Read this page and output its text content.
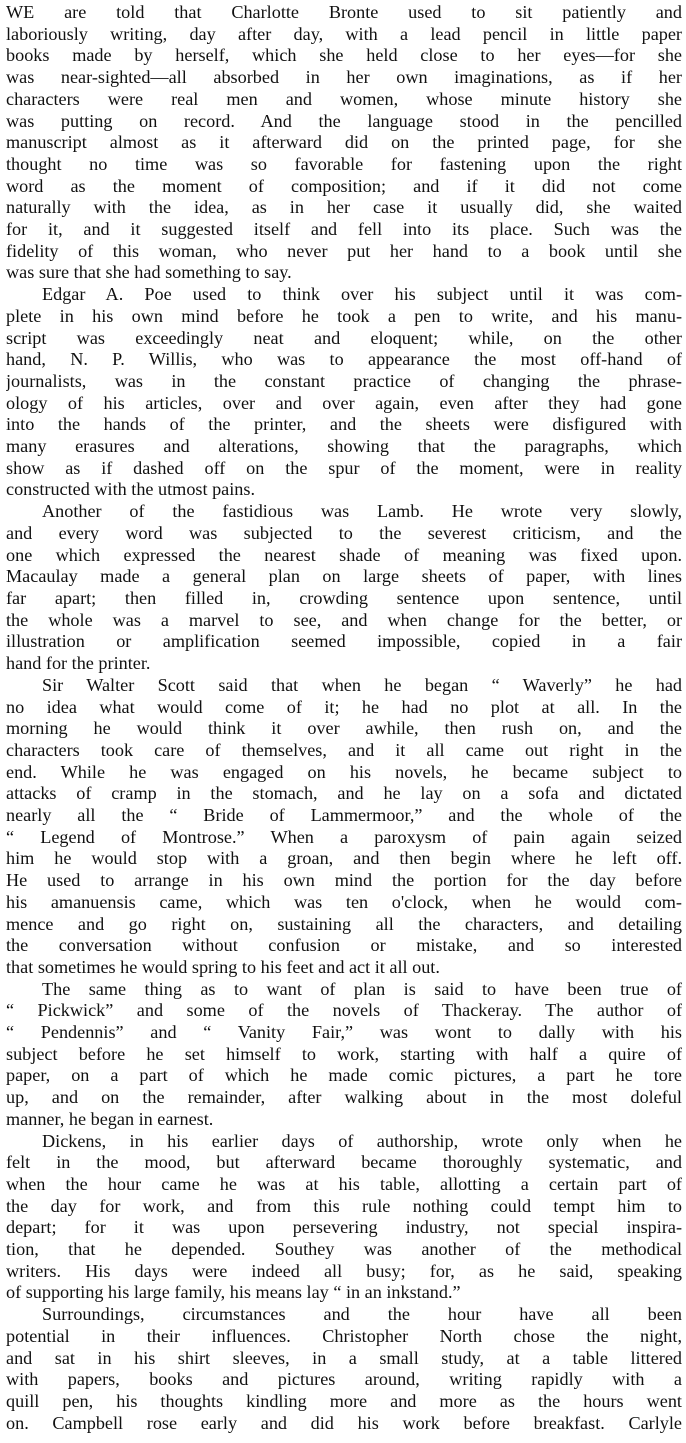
WE are told that Charlotte Bronte used to sit patiently and
laboriously writing, day after day, with a lead pencil in little paper
books made by herself, which she held close to her eyes—for she
was near-sighted—all absorbed in her own imaginations, as if her
characters were real men and women, whose minute history she
was putting on record. And the language stood in the pencilled
manuscript almost as it afterward did on the printed page, for she
thought no time was so favorable for fastening upon the right
word as the moment of composition; and if it did not come
naturally with the idea, as in her case it usually did, she waited
for it, and it suggested itself and fell into its place. Such was the
fidelity of this woman, who never put her hand to a book until she
was sure that she had something to say.
Edgar A. Poe used to think over his subject until it was com-
plete in his own mind before he took a pen to write, and his manu-
script was exceedingly neat and eloquent; while, on the other
hand, N. P. Willis, who was to appearance the most off-hand of
journalists, was in the constant practice of changing the phrase-
ology of his articles, over and over again, even after they had gone
into the hands of the printer, and the sheets were disfigured with
many erasures and alterations, showing that the paragraphs, which
show as if dashed off on the spur of the moment, were in reality
constructed with the utmost pains.
Another of the fastidious was Lamb. He wrote very slowly,
and every word was subjected to the severest criticism, and the
one which expressed the nearest shade of meaning was fixed upon.
Macaulay made a general plan on large sheets of paper, with lines
far apart; then filled in, crowding sentence upon sentence, until
the whole was a marvel to see, and when change for the better, or
illustration or amplification seemed impossible, copied in a fair
hand for the printer.
Sir Walter Scott said that when he began “ Waverly” he had
no idea what would come of it; he had no plot at all. In the
morning he would think it over awhile, then rush on, and the
characters took care of themselves, and it all came out right in the
end. While he was engaged on his novels, he became subject to
attacks of cramp in the stomach, and he lay on a sofa and dictated
nearly all the “ Bride of Lammermoor,” and the whole of the
“ Legend of Montrose.” When a paroxysm of pain again seized
him he would stop with a groan, and then begin where he left off.
He used to arrange in his own mind the portion for the day before
his amanuensis came, which was ten o'clock, when he would com-
mence and go right on, sustaining all the characters, and detailing
the conversation without confusion or mistake, and so interested
that sometimes he would spring to his feet and act it all out.
The same thing as to want of plan is said to have been true of
“ Pickwick” and some of the novels of Thackeray. The author of
“ Pendennis” and “ Vanity Fair,” was wont to dally with his
subject before he set himself to work, starting with half a quire of
paper, on a part of which he made comic pictures, a part he tore
up, and on the remainder, after walking about in the most doleful
manner, he began in earnest.
Dickens, in his earlier days of authorship, wrote only when he
felt in the mood, but afterward became thoroughly systematic, and
when the hour came he was at his table, allotting a certain part of
the day for work, and from this rule nothing could tempt him to
depart; for it was upon persevering industry, not special inspira-
tion, that he depended. Southey was another of the methodical
writers. His days were indeed all busy; for, as he said, speaking
of supporting his large family, his means lay “ in an inkstand.”
Surroundings, circumstances and the hour have all been
potential in their influences. Christopher North chose the night,
and sat in his shirt sleeves, in a small study, at a table littered
with papers, books and pictures around, writing rapidly with a
quill pen, his thoughts kindling more and more as the hours went
on. Campbell rose early and did his work before breakfast. Carlyle
